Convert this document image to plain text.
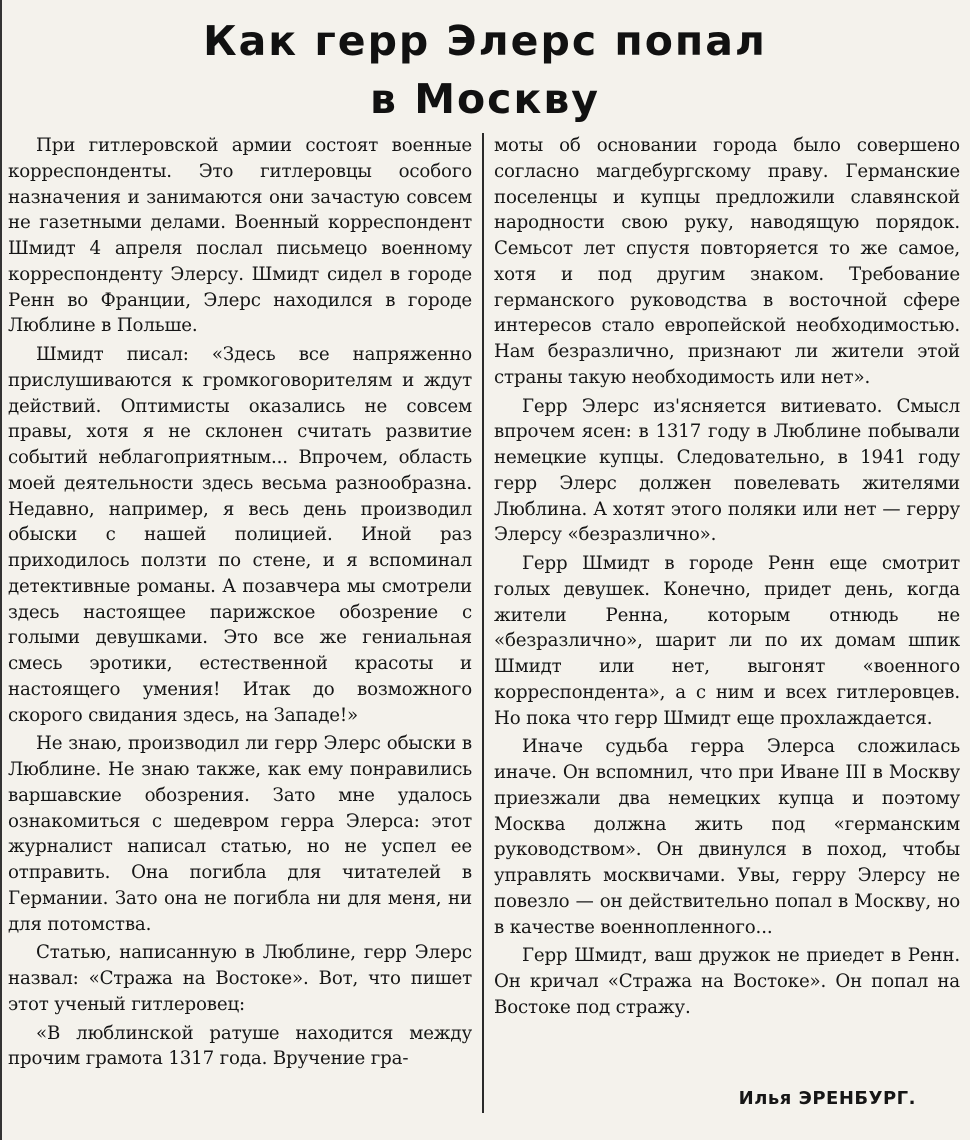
Как герр Элерс попал
в Москву

При гитлеровской армии состоят военные корреспонденты. Это гитлеровцы особого назначения и занимаются они зачастую совсем не газетными делами. Военный корреспондент Шмидт 4 апреля послал письмецо военному корреспонденту Элерсу. Шмидт сидел в городе Ренн во Франции, Элерс находился в городе Люблине в Польше.

Шмидт писал: «Здесь все напряженно прислушиваются к громкоговорителям и ждут действий. Оптимисты оказались не совсем правы, хотя я не склонен считать развитие событий неблагоприятным... Впрочем, область моей деятельности здесь весьма разнообразна. Недавно, например, я весь день производил обыски с нашей полицией. Иной раз приходилось ползти по стене, и я вспоминал детективные романы. А позавчера мы смотрели здесь настоящее парижское обозрение с голыми девушками. Это все же гениальная смесь эротики, естественной красоты и настоящего умения! Итак до возможного скорого свидания здесь, на Западе!»

Не знаю, производил ли герр Элерс обыски в Люблине. Не знаю также, как ему понравились варшавские обозрения. Зато мне удалось ознакомиться с шедевром герра Элерса: этот журналист написал статью, но не успел ее отправить. Она погибла для читателей в Германии. Зато она не погибла ни для меня, ни для потомства.

Статью, написанную в Люблине, герр Элерс назвал: «Стража на Востоке». Вот, что пишет этот ученый гитлеровец:

«В люблинской ратуше находится между прочим грамота 1317 года. Вручение гра-

моты об основании города было совершено согласно магдебургскому праву. Германские поселенцы и купцы предложили славянской народности свою руку, наводящую порядок. Семьсот лет спустя повторяется то же самое, хотя и под другим знаком. Требование германского руководства в восточной сфере интересов стало европейской необходимостью. Нам безразлично, признают ли жители этой страны такую необходимость или нет».

Герр Элерс из'ясняется витиевато. Смысл впрочем ясен: в 1317 году в Люблине побывали немецкие купцы. Следовательно, в 1941 году герр Элерс должен повелевать жителями Люблина. А хотят этого поляки или нет — герру Элерсу «безразлично».

Герр Шмидт в городе Ренн еще смотрит голых девушек. Конечно, придет день, когда жители Ренна, которым отнюдь не «безразлично», шарит ли по их домам шпик Шмидт или нет, выгонят «военного корреспондента», а с ним и всех гитлеровцев. Но пока что герр Шмидт еще прохлаждается.

Иначе судьба герра Элерса сложилась иначе. Он вспомнил, что при Иване III в Москву приезжали два немецких купца и поэтому Москва должна жить под «германским руководством». Он двинулся в поход, чтобы управлять москвичами. Увы, герру Элерсу не повезло — он действительно попал в Москву, но в качестве военнопленного...

Герр Шмидт, ваш дружок не приедет в Ренн. Он кричал «Стража на Востоке». Он попал на Востоке под стражу.

Илья ЭРЕНБУРГ.
